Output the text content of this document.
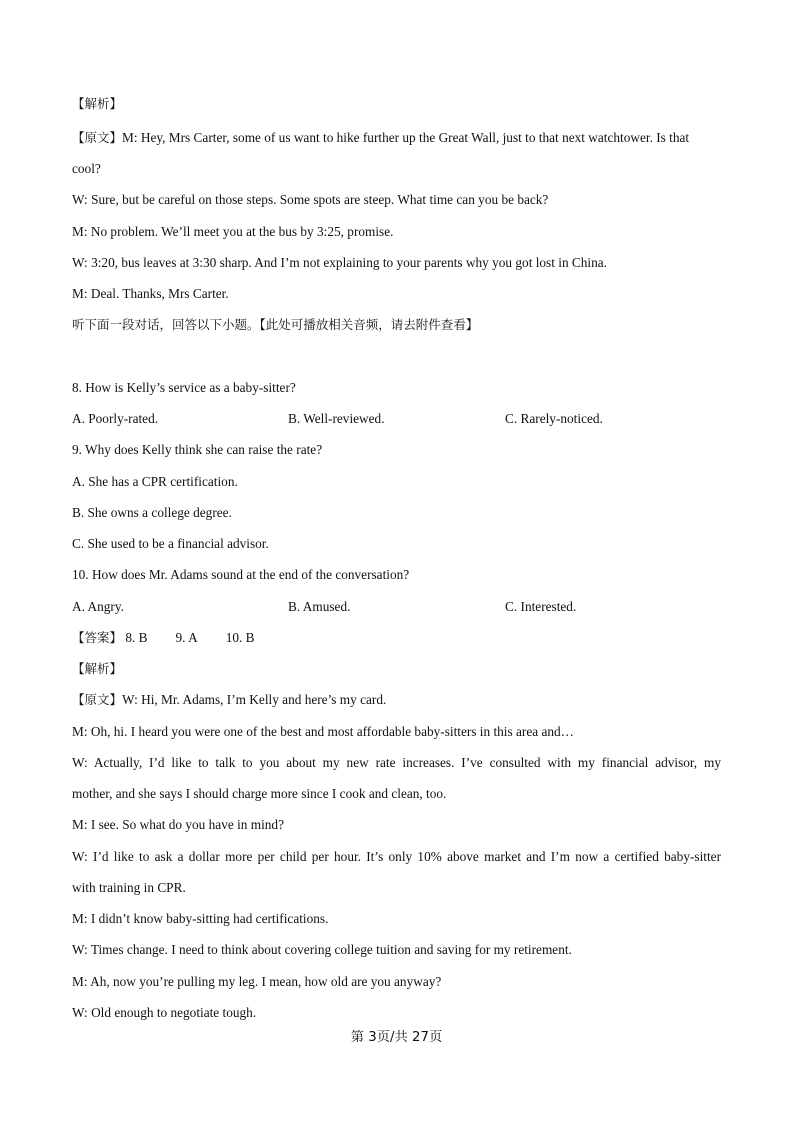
【解析】
【原文】M: Hey, Mrs Carter, some of us want to hike further up the Great Wall, just to that next watchtower. Is that
cool?
W: Sure, but be careful on those steps. Some spots are steep. What time can you be back?
M: No problem. We’ll meet you at the bus by 3:25, promise.
W: 3:20, bus leaves at 3:30 sharp. And I’m not explaining to your parents why you got lost in China.
M: Deal. Thanks, Mrs Carter.
听下面一段对话，回答以下小题。【此处可播放相关音频，请去附件查看】
8. How is Kelly’s service as a baby-sitter?
A. Poorly-rated.	B. Well-reviewed.	C. Rarely-noticed.
9. Why does Kelly think she can raise the rate?
A. She has a CPR certification.
B. She owns a college degree.
C. She used to be a financial advisor.
10. How does Mr. Adams sound at the end of the conversation?
A. Angry.	B. Amused.	C. Interested.
【答案】 8. B 9. A 10. B
【解析】
【原文】W: Hi, Mr. Adams, I’m Kelly and here’s my card.
M: Oh, hi. I heard you were one of the best and most affordable baby-sitters in this area and…
W: Actually, I’d like to talk to you about my new rate increases. I’ve consulted with my financial advisor, my
mother, and she says I should charge more since I cook and clean, too.
M: I see. So what do you have in mind?
W: I’d like to ask a dollar more per child per hour. It’s only 10% above market and I’m now a certified baby-sitter
with training in CPR.
M: I didn’t know baby-sitting had certifications.
W: Times change. I need to think about covering college tuition and saving for my retirement.
M: Ah, now you’re pulling my leg. I mean, how old are you anyway?
W: Old enough to negotiate tough.
第 3页/共 27页
